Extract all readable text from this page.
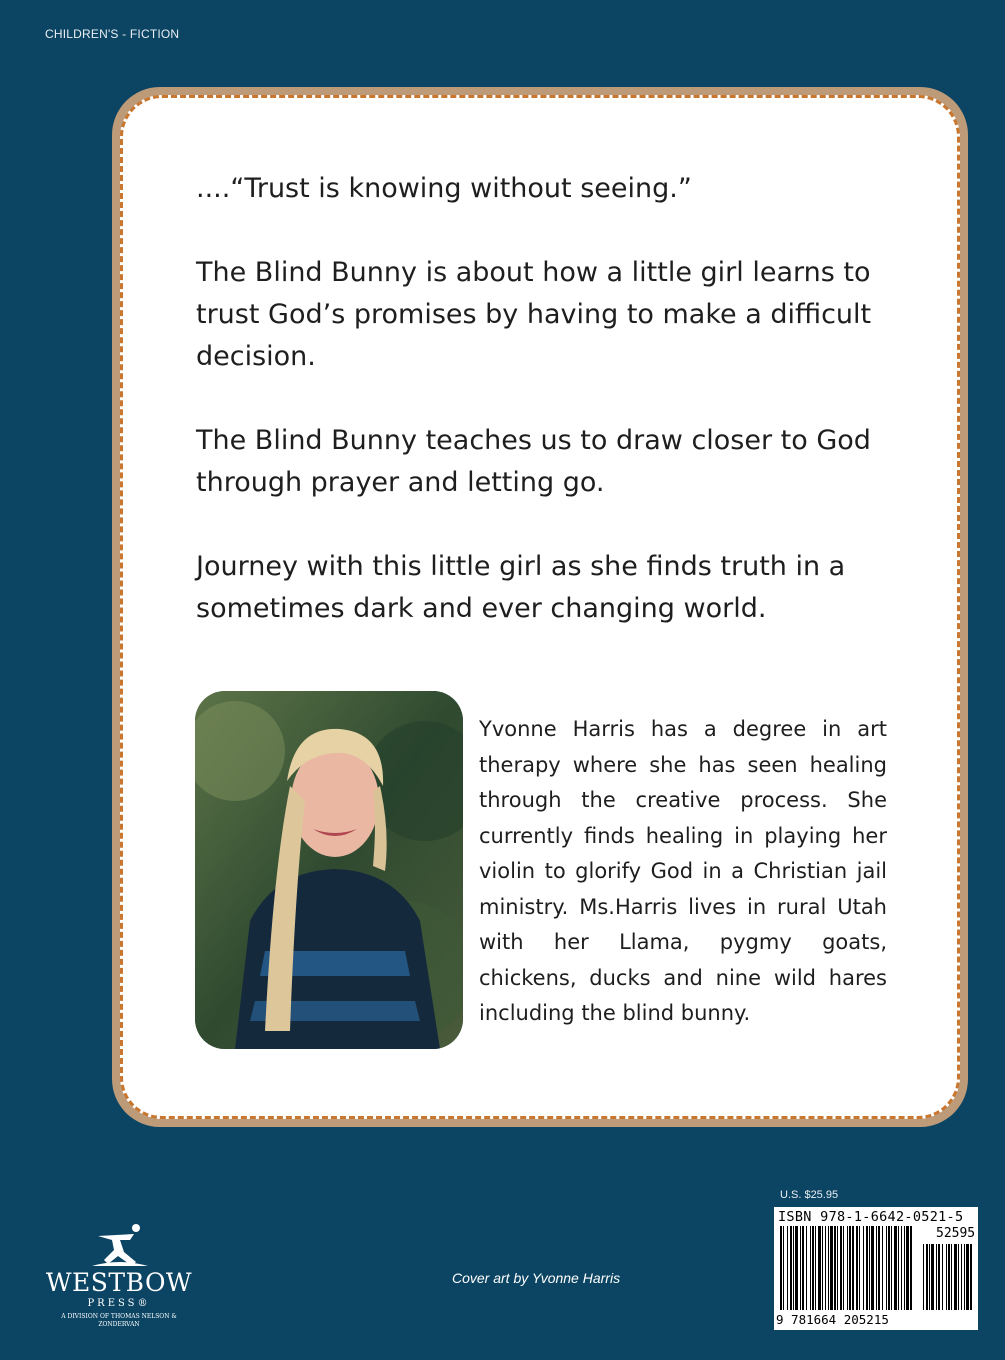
CHILDREN'S - FICTION

....“Trust is knowing without seeing.”

The Blind Bunny is about how a little girl learns to trust God’s promises by having to make a difficult decision.

The Blind Bunny teaches us to draw closer to God through prayer and letting go.

Journey with this little girl as she finds truth in a sometimes dark and ever changing world.

Yvonne Harris has a degree in art therapy where she has seen healing through the creative process. She currently finds healing in playing her violin to glorify God in a Christian jail ministry. Ms.Harris lives in rural Utah with her Llama, pygmy goats, chickens, ducks and nine wild hares including the blind bunny.
WESTBOW
PRESS®
A DIVISION OF THOMAS NELSON & ZONDERVAN
Cover art by Yvonne Harris
U.S. $25.95
ISBN 978-1-6642-0521-5
52595
9 781664 205215
